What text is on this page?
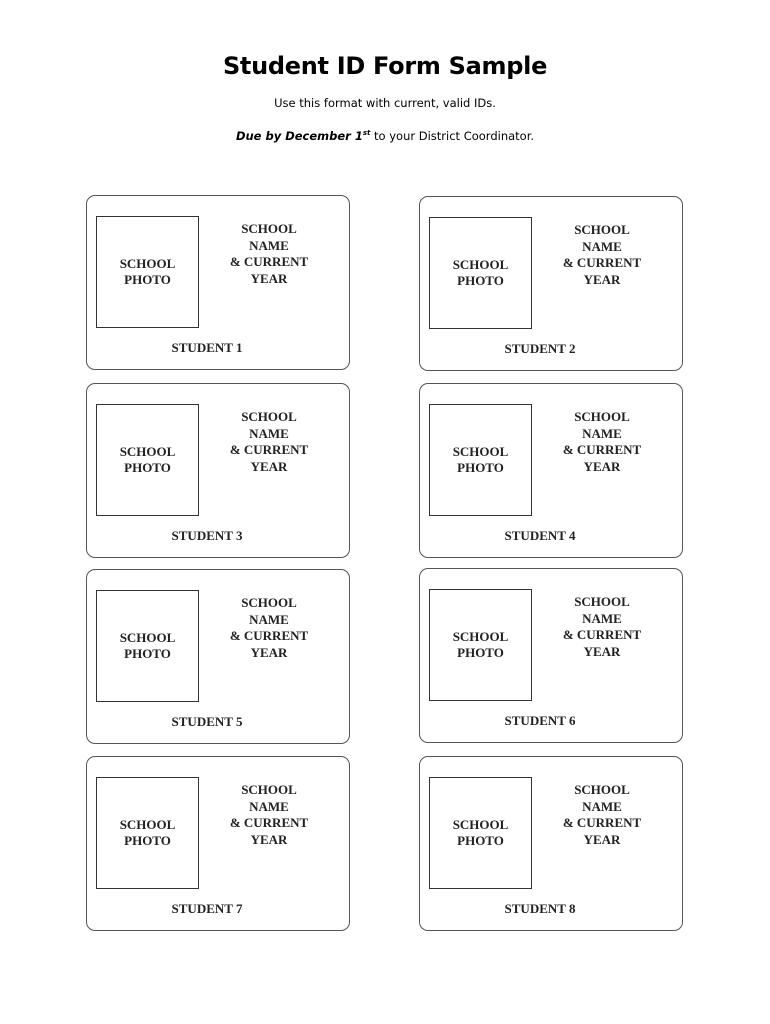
Student ID Form Sample
Use this format with current, valid IDs.
Due by December 1st to your District Coordinator.
SCHOOL
PHOTO
SCHOOL
NAME
& CURRENT
YEAR
STUDENT 1
SCHOOL
PHOTO
SCHOOL
NAME
& CURRENT
YEAR
STUDENT 2
SCHOOL
PHOTO
SCHOOL
NAME
& CURRENT
YEAR
STUDENT 3
SCHOOL
PHOTO
SCHOOL
NAME
& CURRENT
YEAR
STUDENT 4
SCHOOL
PHOTO
SCHOOL
NAME
& CURRENT
YEAR
STUDENT 5
SCHOOL
PHOTO
SCHOOL
NAME
& CURRENT
YEAR
STUDENT 6
SCHOOL
PHOTO
SCHOOL
NAME
& CURRENT
YEAR
STUDENT 7
SCHOOL
PHOTO
SCHOOL
NAME
& CURRENT
YEAR
STUDENT 8
